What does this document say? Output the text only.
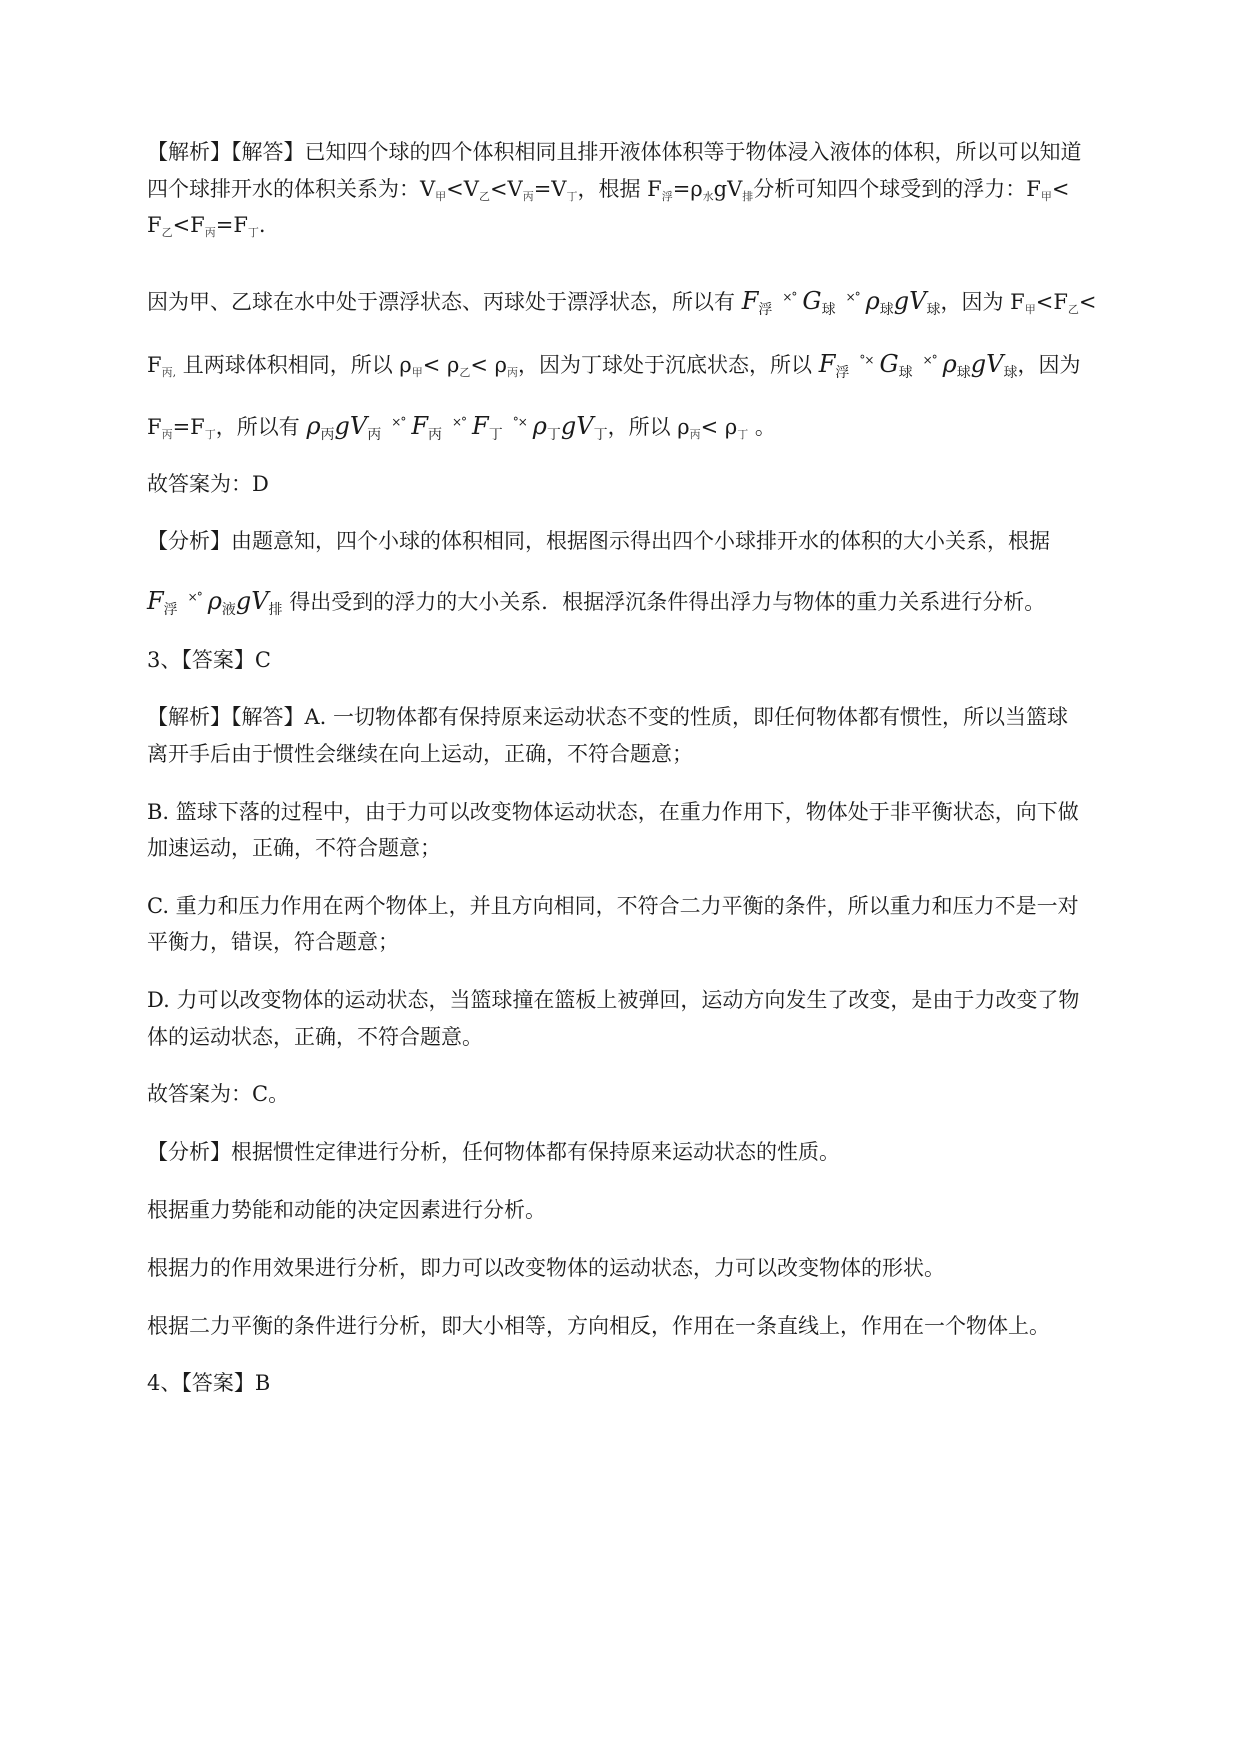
【解析】【解答】已知四个球的四个体积相同且排开液体体积等于物体浸入液体的体积，所以可以知道
四个球排开水的体积关系为：$V_甲<V_乙<V_丙=V_丁$，根据 $F_浮=\rho_水gV_排$分析可知四个球受到的浮力：$F_甲<$
$F_乙<F_丙=F_丁$.
因为甲、乙球在水中处于漂浮状态、丙球处于漂浮状态，所以有 $F_浮^{\times^\circ}$ $G_球^{\times^\circ}$ $\rho_球gV_球$，因为 $F_甲<F_乙<$
$F_{丙,}$ 且两球体积相同，所以 $\rho_甲< \rho_乙< \rho_丙$，因为丁球处于沉底状态，所以 $F_浮^{^\circ\times}$ $G_球^{\times^\circ}$ $\rho_球gV_球$，因为
$F_丙=F_丁$，所以有 $\rho_丙gV_丙^{\times^\circ}$ $F_丙^{\times^\circ}$ $F_丁^{^\circ\times}$ $\rho_丁gV_丁$，所以 $\rho_丙< \rho_丁$ 。
故答案为：D
【分析】由题意知，四个小球的体积相同，根据图示得出四个小球排开水的体积的大小关系，根据
$F_浮^{\times^\circ}$ $\rho_液gV_排$ 得出受到的浮力的大小关系．根据浮沉条件得出浮力与物体的重力关系进行分析。
3、【答案】C
【解析】【解答】A. 一切物体都有保持原来运动状态不变的性质，即任何物体都有惯性，所以当篮球
离开手后由于惯性会继续在向上运动，正确，不符合题意；
B. 篮球下落的过程中，由于力可以改变物体运动状态，在重力作用下，物体处于非平衡状态，向下做
加速运动，正确，不符合题意；
C. 重力和压力作用在两个物体上，并且方向相同，不符合二力平衡的条件，所以重力和压力不是一对
平衡力，错误，符合题意；
D. 力可以改变物体的运动状态，当篮球撞在篮板上被弹回，运动方向发生了改变，是由于力改变了物
体的运动状态，正确，不符合题意。
故答案为：C。
【分析】根据惯性定律进行分析，任何物体都有保持原来运动状态的性质。
根据重力势能和动能的决定因素进行分析。
根据力的作用效果进行分析，即力可以改变物体的运动状态，力可以改变物体的形状。
根据二力平衡的条件进行分析，即大小相等，方向相反，作用在一条直线上，作用在一个物体上。
4、【答案】B
